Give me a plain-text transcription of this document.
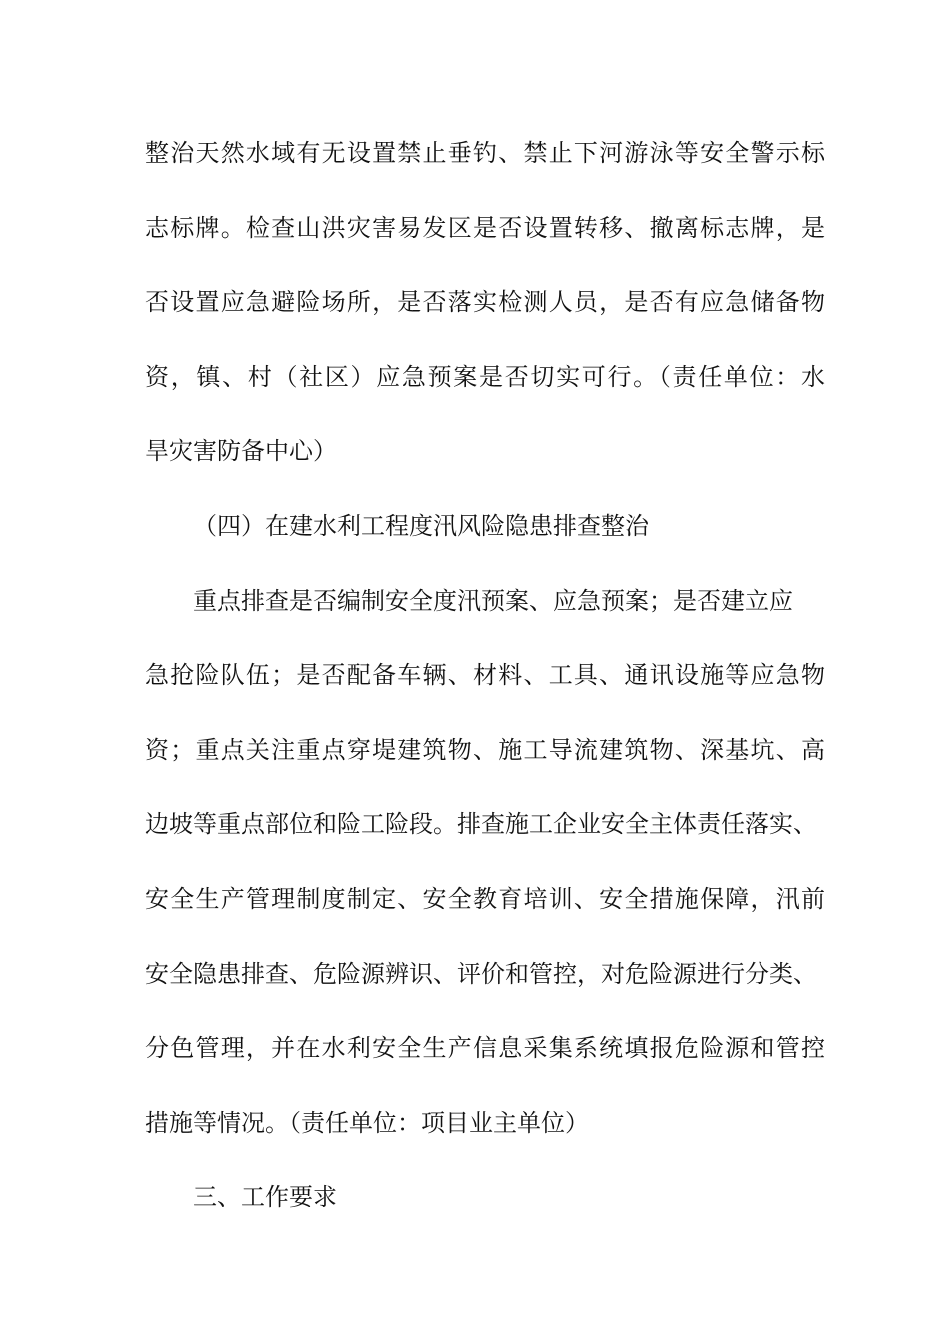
整治天然水域有无设置禁止垂钓、禁止下河游泳等安全警示标
志标牌。检查山洪灾害易发区是否设置转移、撤离标志牌，是
否设置应急避险场所，是否落实检测人员，是否有应急储备物
资，镇、村（社区）应急预案是否切实可行。（责任单位：水
旱灾害防备中心）
（四）在建水利工程度汛风险隐患排查整治
重点排查是否编制安全度汛预案、应急预案；是否建立应
急抢险队伍；是否配备车辆、材料、工具、通讯设施等应急物
资；重点关注重点穿堤建筑物、施工导流建筑物、深基坑、高
边坡等重点部位和险工险段。排查施工企业安全主体责任落实、
安全生产管理制度制定、安全教育培训、安全措施保障，汛前
安全隐患排查、危险源辨识、评价和管控，对危险源进行分类、
分色管理，并在水利安全生产信息采集系统填报危险源和管控
措施等情况。（责任单位：项目业主单位）
三、工作要求
